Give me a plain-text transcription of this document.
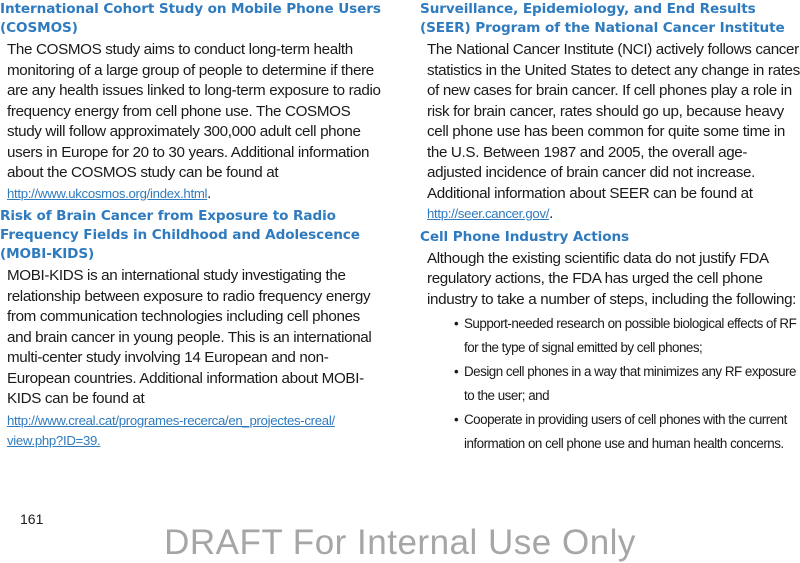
International Cohort Study on Mobile Phone Users (COSMOS)

The COSMOS study aims to conduct long-term health monitoring of a large group of people to determine if there are any health issues linked to long-term exposure to radio frequency energy from cell phone use. The COSMOS study will follow approximately 300,000 adult cell phone users in Europe for 20 to 30 years. Additional information about the COSMOS study can be found at
http://www.ukcosmos.org/index.html.

Risk of Brain Cancer from Exposure to Radio Frequency Fields in Childhood and Adolescence (MOBI-KIDS)

MOBI-KIDS is an international study investigating the relationship between exposure to radio frequency energy from communication technologies including cell phones and brain cancer in young people. This is an international multi-center study involving 14 European and non-European countries. Additional information about MOBI-KIDS can be found at

http://www.creal.cat/programes-recerca/en_projectes-creal/
view.php?ID=39.
Surveillance, Epidemiology, and End Results (SEER) Program of the National Cancer Institute

The National Cancer Institute (NCI) actively follows cancer statistics in the United States to detect any change in rates of new cases for brain cancer. If cell phones play a role in risk for brain cancer, rates should go up, because heavy cell phone use has been common for quite some time in the U.S. Between 1987 and 2005, the overall age-adjusted incidence of brain cancer did not increase. Additional information about SEER can be found at
http://seer.cancer.gov/.

Cell Phone Industry Actions

Although the existing scientific data do not justify FDA regulatory actions, the FDA has urged the cell phone industry to take a number of steps, including the following:

• Support-needed research on possible biological effects of RF for the type of signal emitted by cell phones;
• Design cell phones in a way that minimizes any RF exposure to the user; and
• Cooperate in providing users of cell phones with the current information on cell phone use and human health concerns.
161
DRAFT For Internal Use Only
